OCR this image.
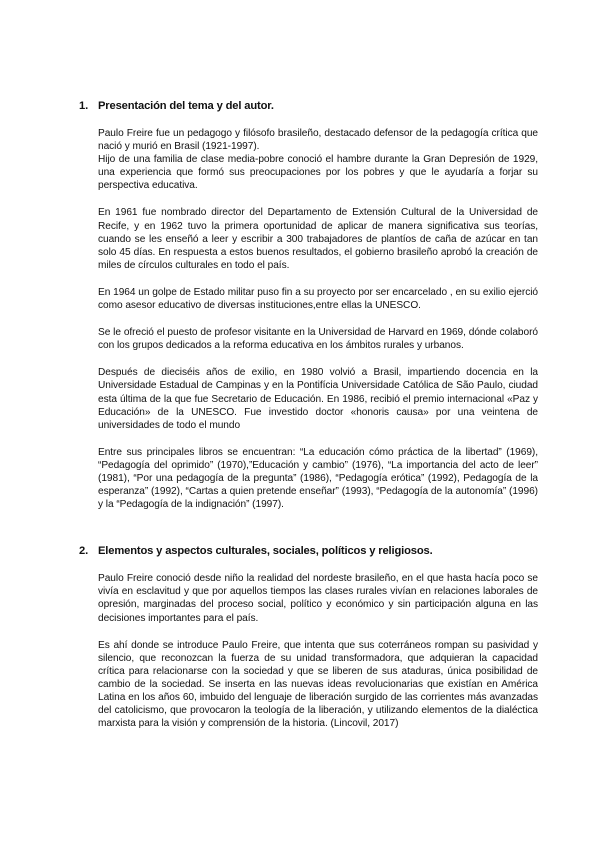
1. Presentación del tema y del autor.

Paulo Freire fue un pedagogo y filósofo brasileño, destacado defensor de la pedagogía crítica que nació y murió en Brasil (1921-1997).

Hijo de una familia de clase media-pobre conoció el hambre durante la Gran Depresión de 1929, una experiencia que formó sus preocupaciones por los pobres y que le ayudaría a forjar su perspectiva educativa.

En 1961 fue nombrado director del Departamento de Extensión Cultural de la Universidad de Recife, y en 1962 tuvo la primera oportunidad de aplicar de manera significativa sus teorías, cuando se les enseñó a leer y escribir a 300 trabajadores de plantíos de caña de azúcar en tan solo 45 días. En respuesta a estos buenos resultados, el gobierno brasileño aprobó la creación de miles de círculos culturales en todo el país.

En 1964 un golpe de Estado militar puso fin a su proyecto por ser encarcelado , en su exilio ejerció como asesor educativo de diversas instituciones,entre ellas la UNESCO.

Se le ofreció el puesto de profesor visitante en la Universidad de Harvard en 1969, dónde colaboró con los grupos dedicados a la reforma educativa en los ámbitos rurales y urbanos.

Después de dieciséis años de exilio, en 1980 volvió a Brasil, impartiendo docencia en la Universidade Estadual de Campinas y en la Pontifícia Universidade Católica de São Paulo, ciudad esta última de la que fue Secretario de Educación. En 1986, recibió el premio internacional «Paz y Educación» de la UNESCO. Fue investido doctor «honoris causa» por una veintena de universidades de todo el mundo

Entre sus principales libros se encuentran: “La educación cómo práctica de la libertad” (1969), “Pedagogía del oprimido” (1970),”Educación y cambio” (1976), “La importancia del acto de leer” (1981), “Por una pedagogía de la pregunta” (1986), “Pedagogía erótica” (1992), Pedagogía de la esperanza” (1992), “Cartas a quien pretende enseñar” (1993), “Pedagogía de la autonomía” (1996) y la “Pedagogía de la indignación” (1997).

2. Elementos y aspectos culturales, sociales, políticos y religiosos.

Paulo Freire conoció desde niño la realidad del nordeste brasileño, en el que hasta hacía poco se vivía en esclavitud y que por aquellos tiempos las clases rurales vivían en relaciones laborales de opresión, marginadas del proceso social, político y económico y sin participación alguna en las decisiones importantes para el país.

Es ahí donde se introduce Paulo Freire, que intenta que sus coterráneos rompan su pasividad y silencio, que reconozcan la fuerza de su unidad transformadora, que adquieran la capacidad crítica para relacionarse con la sociedad y que se liberen de sus ataduras, única posibilidad de cambio de la sociedad. Se inserta en las nuevas ideas revolucionarias que existían en América Latina en los años 60, imbuido del lenguaje de liberación surgido de las corrientes más avanzadas del catolicismo, que provocaron la teología de la liberación, y utilizando elementos de la dialéctica marxista para la visión y comprensión de la historia. (Lincovil, 2017)
